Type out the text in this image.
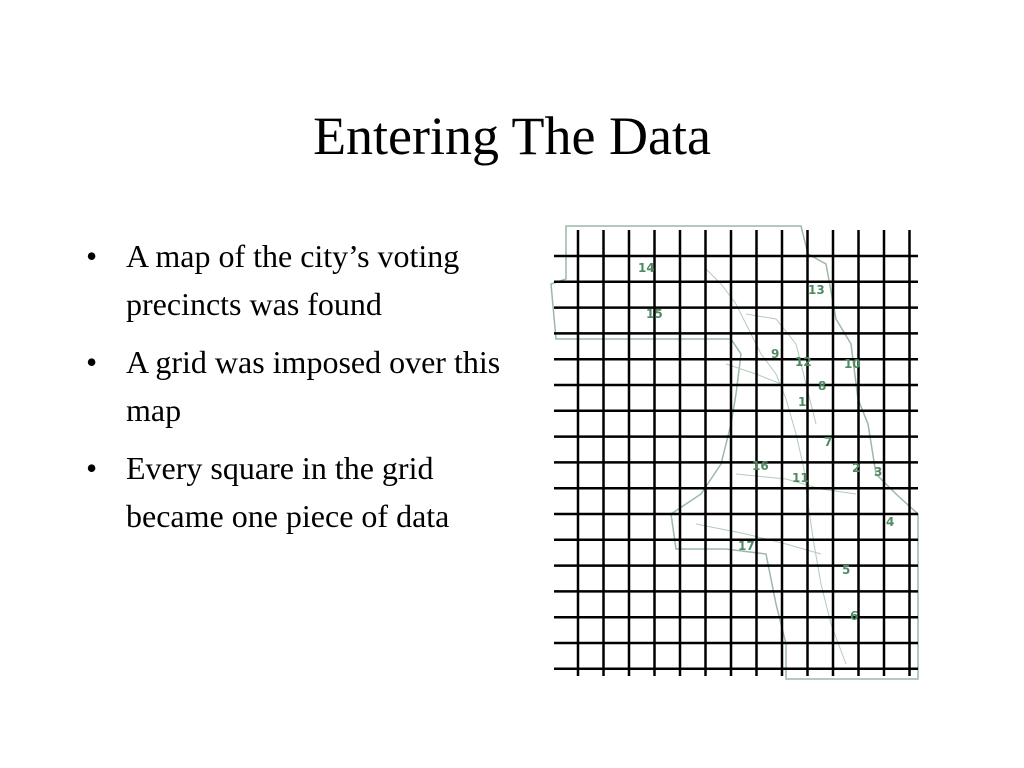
Entering The Data
• A map of the city’s voting precincts was found
• A grid was imposed over this map
• Every square in the grid became one piece of data
14
13
15
9
12	10
8
1
7
16
11
2 3
4
17
5
6
